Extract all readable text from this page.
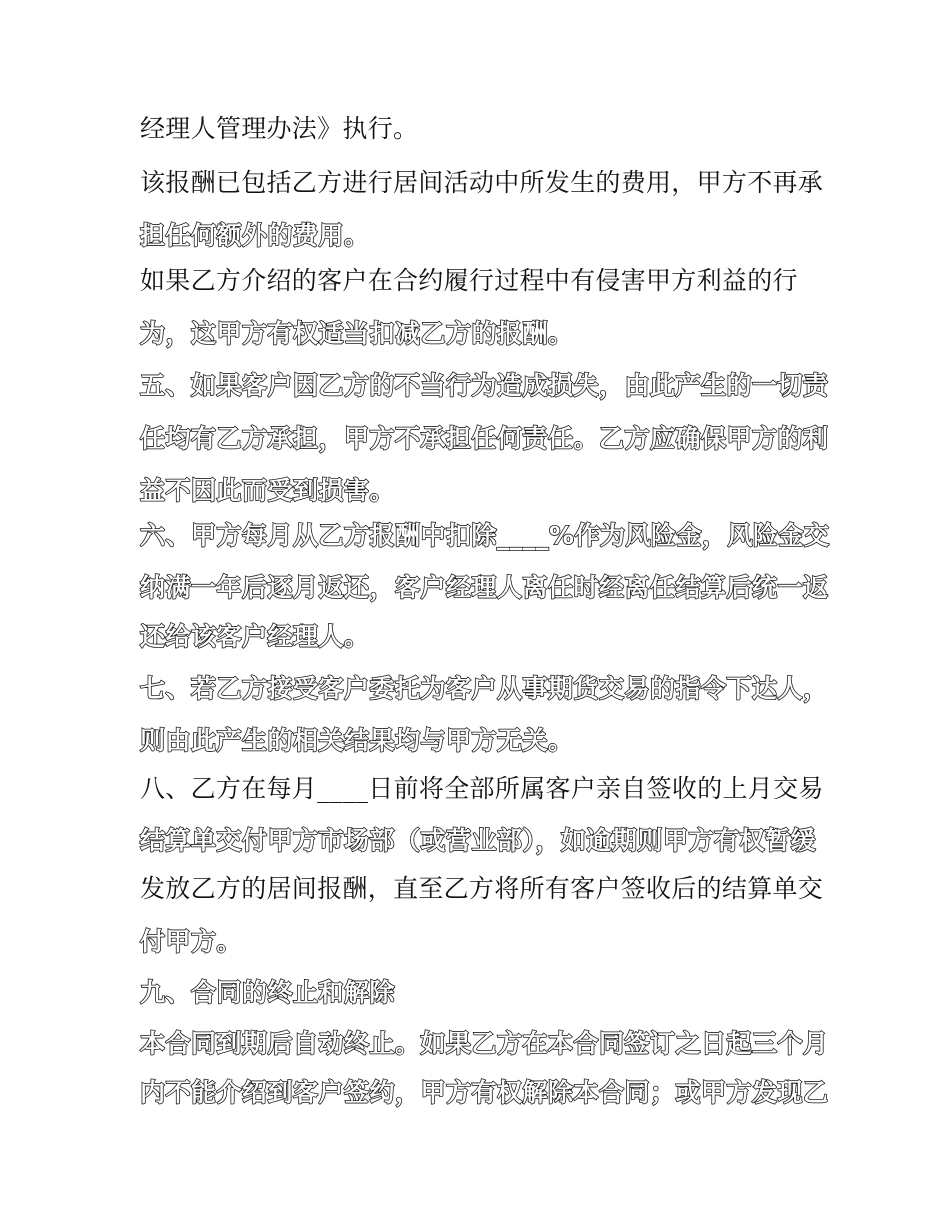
经理人管理办法》执行。
该报酬已包括乙方进行居间活动中所发生的费用，甲方不再承
担任何额外的费用。
如果乙方介绍的客户在合约履行过程中有侵害甲方利益的行
为，这甲方有权适当扣减乙方的报酬。
五、如果客户因乙方的不当行为造成损失，由此产生的一切责
任均有乙方承担，甲方不承担任何责任。乙方应确保甲方的利
益不因此而受到损害。
六、甲方每月从乙方报酬中扣除____%作为风险金，风险金交
纳满一年后逐月返还，客户经理人离任时经离任结算后统一返
还给该客户经理人。
七、若乙方接受客户委托为客户从事期货交易的指令下达人，
则由此产生的相关结果均与甲方无关。
八、乙方在每月____日前将全部所属客户亲自签收的上月交易
结算单交付甲方市场部（或营业部），如逾期则甲方有权暂缓
发放乙方的居间报酬，直至乙方将所有客户签收后的结算单交
付甲方。
九、合同的终止和解除
本合同到期后自动终止。如果乙方在本合同签订之日起三个月
内不能介绍到客户签约，甲方有权解除本合同；或甲方发现乙
